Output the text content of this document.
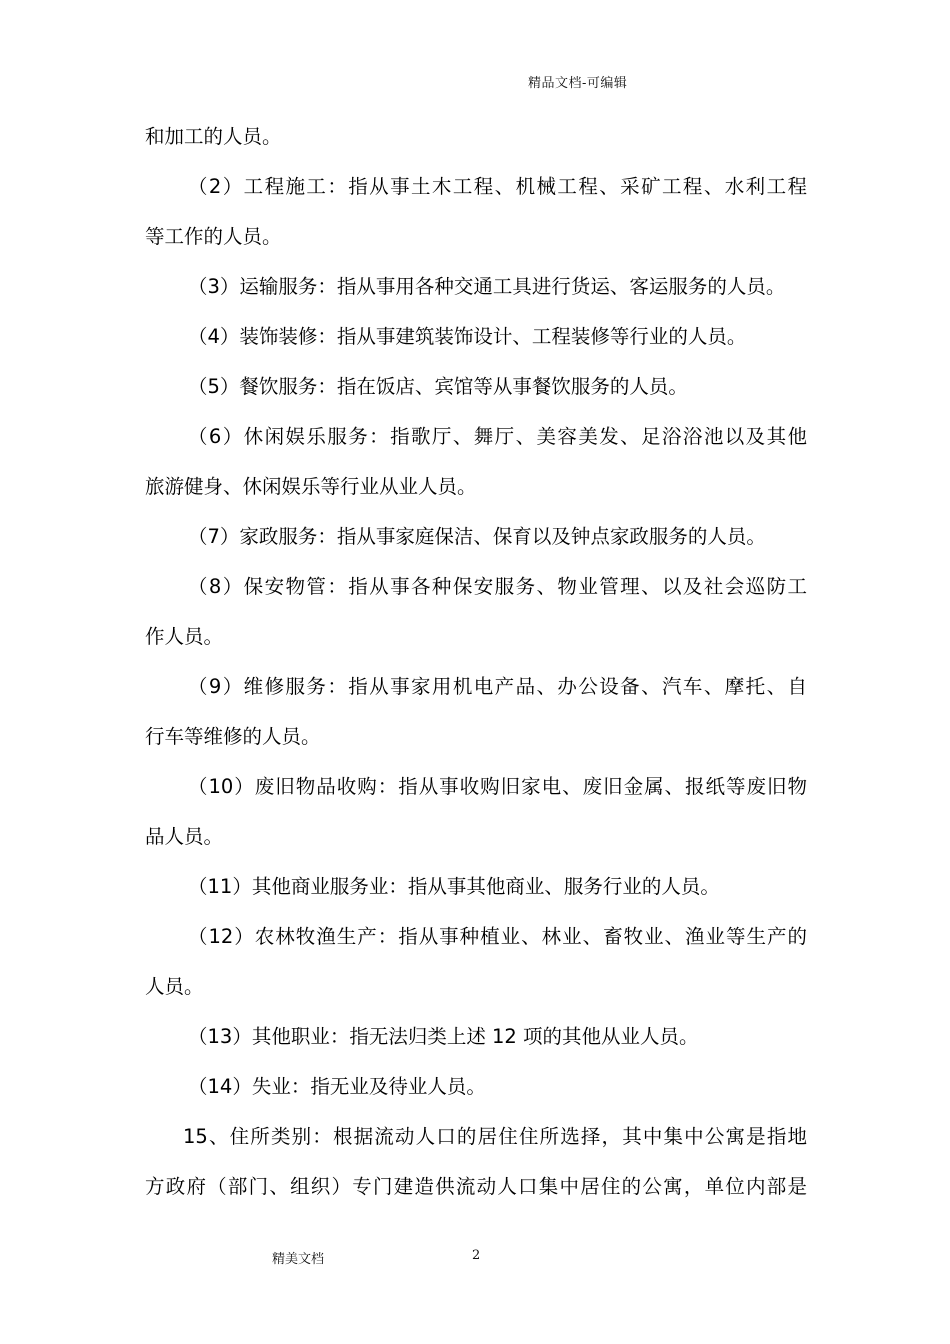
精品文档-可编辑
和加工的人员。
（2）工程施工：指从事土木工程、机械工程、采矿工程、水利工程
等工作的人员。
（3）运输服务：指从事用各种交通工具进行货运、客运服务的人员。
（4）装饰装修：指从事建筑装饰设计、工程装修等行业的人员。
（5）餐饮服务：指在饭店、宾馆等从事餐饮服务的人员。
（6）休闲娱乐服务：指歌厅、舞厅、美容美发、足浴浴池以及其他
旅游健身、休闲娱乐等行业从业人员。
（7）家政服务：指从事家庭保洁、保育以及钟点家政服务的人员。
（8）保安物管：指从事各种保安服务、物业管理、以及社会巡防工
作人员。
（9）维修服务：指从事家用机电产品、办公设备、汽车、摩托、自
行车等维修的人员。
（10）废旧物品收购：指从事收购旧家电、废旧金属、报纸等废旧物
品人员。
（11）其他商业服务业：指从事其他商业、服务行业的人员。
（12）农林牧渔生产：指从事种植业、林业、畜牧业、渔业等生产的
人员。
（13）其他职业：指无法归类上述 12 项的其他从业人员。
（14）失业：指无业及待业人员。
15、住所类别：根据流动人口的居住住所选择，其中集中公寓是指地
方政府（部门、组织）专门建造供流动人口集中居住的公寓，单位内部是
精美文档	2
